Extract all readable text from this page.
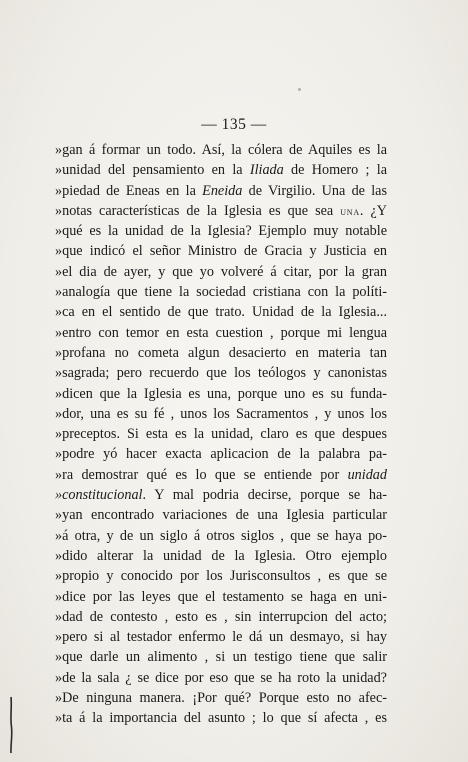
— 135 —
»gan á formar un todo. Así, la cólera de Aquiles es la
»unidad del pensamiento en la Iliada de Homero ; la
»piedad de Eneas en la Eneida de Virgilio. Una de las
»notas características de la Iglesia es que sea una. ¿Y
»qué es la unidad de la Iglesia? Ejemplo muy notable
»que indicó el señor Ministro de Gracia y Justicia en
»el dia de ayer, y que yo volveré á citar, por la gran
»analogía que tiene la sociedad cristiana con la políti-
»ca en el sentido de que trato. Unidad de la Iglesia...
»entro con temor en esta cuestion , porque mi lengua
»profana no cometa algun desacierto en materia tan
»sagrada; pero recuerdo que los teólogos y canonistas
»dicen que la Iglesia es una, porque uno es su funda-
»dor, una es su fé , unos los Sacramentos , y unos los
»preceptos. Si esta es la unidad, claro es que despues
»podre yó hacer exacta aplicacion de la palabra pa-
»ra demostrar qué es lo que se entiende por unidad
»constitucional. Y mal podria decirse, porque se ha-
»yan encontrado variaciones de una Iglesia particular
»á otra, y de un siglo á otros siglos , que se haya po-
»dido alterar la unidad de la Iglesia. Otro ejemplo
»propio y conocido por los Jurisconsultos , es que se
»dice por las leyes que el testamento se haga en uni-
»dad de contesto , esto es , sin interrupcion del acto;
»pero si al testador enfermo le dá un desmayo, si hay
»que darle un alimento , si un testigo tiene que salir
»de la sala ¿ se dice por eso que se ha roto la unidad?
»De ninguna manera. ¡Por qué? Porque esto no afec-
»ta á la importancia del asunto ; lo que sí afecta , es
